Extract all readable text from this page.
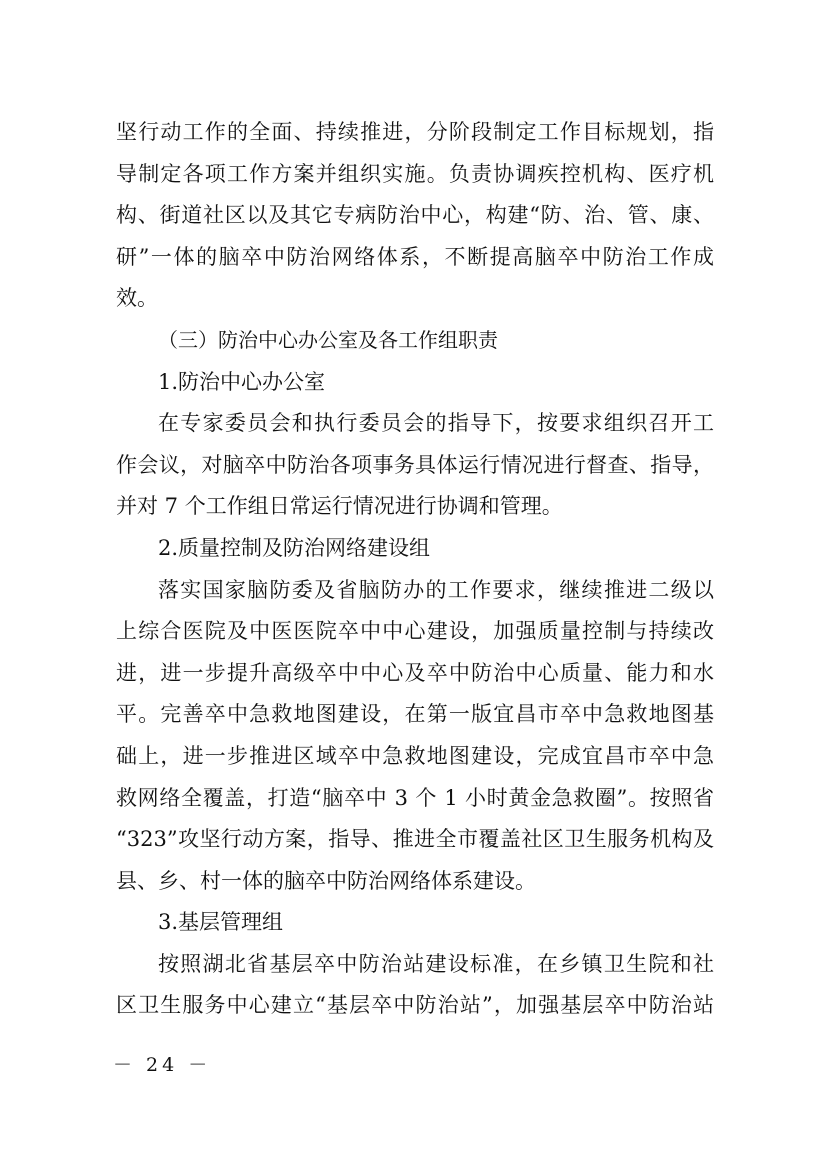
坚行动工作的全面、持续推进，分阶段制定工作目标规划，指
导制定各项工作方案并组织实施。负责协调疾控机构、医疗机
构、街道社区以及其它专病防治中心，构建“防、治、管、康、
研”一体的脑卒中防治网络体系，不断提高脑卒中防治工作成
效。
（三）防治中心办公室及各工作组职责
1.防治中心办公室
在专家委员会和执行委员会的指导下，按要求组织召开工
作会议，对脑卒中防治各项事务具体运行情况进行督查、指导，
并对 7 个工作组日常运行情况进行协调和管理。
2.质量控制及防治网络建设组
落实国家脑防委及省脑防办的工作要求，继续推进二级以
上综合医院及中医医院卒中中心建设，加强质量控制与持续改
进，进一步提升高级卒中中心及卒中防治中心质量、能力和水
平。完善卒中急救地图建设，在第一版宜昌市卒中急救地图基
础上，进一步推进区域卒中急救地图建设，完成宜昌市卒中急
救网络全覆盖，打造“脑卒中 3 个 1 小时黄金急救圈”。按照省
“323”攻坚行动方案，指导、推进全市覆盖社区卫生服务机构及
县、乡、村一体的脑卒中防治网络体系建设。
3.基层管理组
按照湖北省基层卒中防治站建设标准，在乡镇卫生院和社
区卫生服务中心建立“基层卒中防治站”，加强基层卒中防治站
－ 24 －
